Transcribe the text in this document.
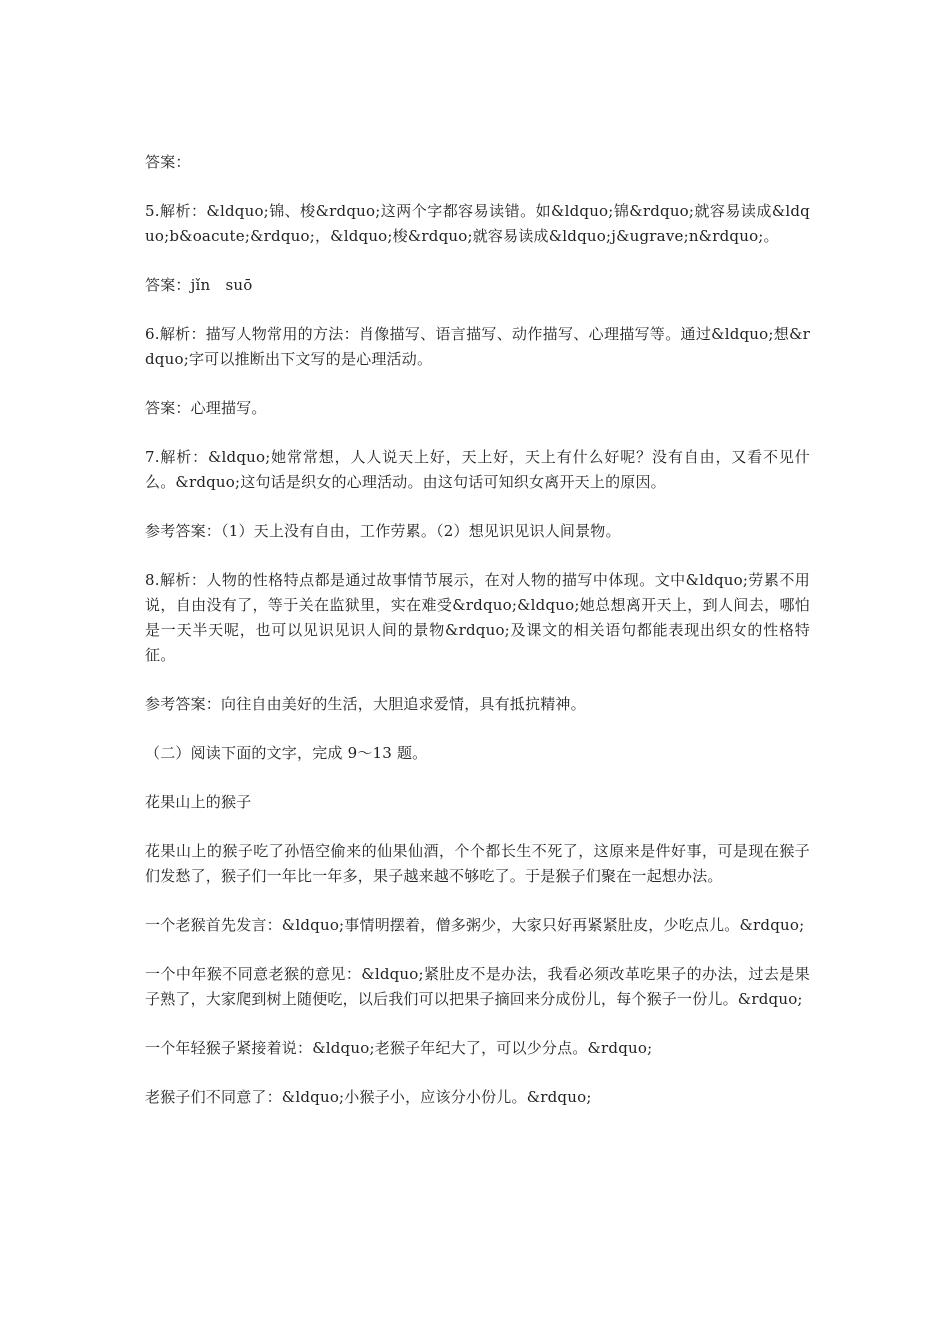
答案：

5.解析：&ldquo;锦、梭&rdquo;这两个字都容易读错。如&ldquo;锦&rdquo;就容易读成&ldquo;b&oacute;&rdquo;，&ldquo;梭&rdquo;就容易读成&ldquo;j&ugrave;n&rdquo;。

答案：jǐn　suō

6.解析：描写人物常用的方法：肖像描写、语言描写、动作描写、心理描写等。通过&ldquo;想&rdquo;字可以推断出下文写的是心理活动。

答案：心理描写。

7.解析：&ldquo;她常常想，人人说天上好，天上好，天上有什么好呢？没有自由，又看不见什么。&rdquo;这句话是织女的心理活动。由这句话可知织女离开天上的原因。

参考答案：（1）天上没有自由，工作劳累。（2）想见识见识人间景物。

8.解析：人物的性格特点都是通过故事情节展示，在对人物的描写中体现。文中&ldquo;劳累不用说，自由没有了，等于关在监狱里，实在难受&rdquo;&ldquo;她总想离开天上，到人间去，哪怕是一天半天呢，也可以见识见识人间的景物&rdquo;及课文的相关语句都能表现出织女的性格特征。

参考答案：向往自由美好的生活，大胆追求爱情，具有抵抗精神。

（二）阅读下面的文字，完成 9～13 题。

花果山上的猴子

花果山上的猴子吃了孙悟空偷来的仙果仙酒，个个都长生不死了，这原来是件好事，可是现在猴子们发愁了，猴子们一年比一年多，果子越来越不够吃了。于是猴子们聚在一起想办法。

一个老猴首先发言：&ldquo;事情明摆着，僧多粥少，大家只好再紧紧肚皮，少吃点儿。&rdquo;

一个中年猴不同意老猴的意见：&ldquo;紧肚皮不是办法，我看必须改革吃果子的办法，过去是果子熟了，大家爬到树上随便吃，以后我们可以把果子摘回来分成份儿，每个猴子一份儿。&rdquo;

一个年轻猴子紧接着说：&ldquo;老猴子年纪大了，可以少分点。&rdquo;

老猴子们不同意了：&ldquo;小猴子小，应该分小份儿。&rdquo;
